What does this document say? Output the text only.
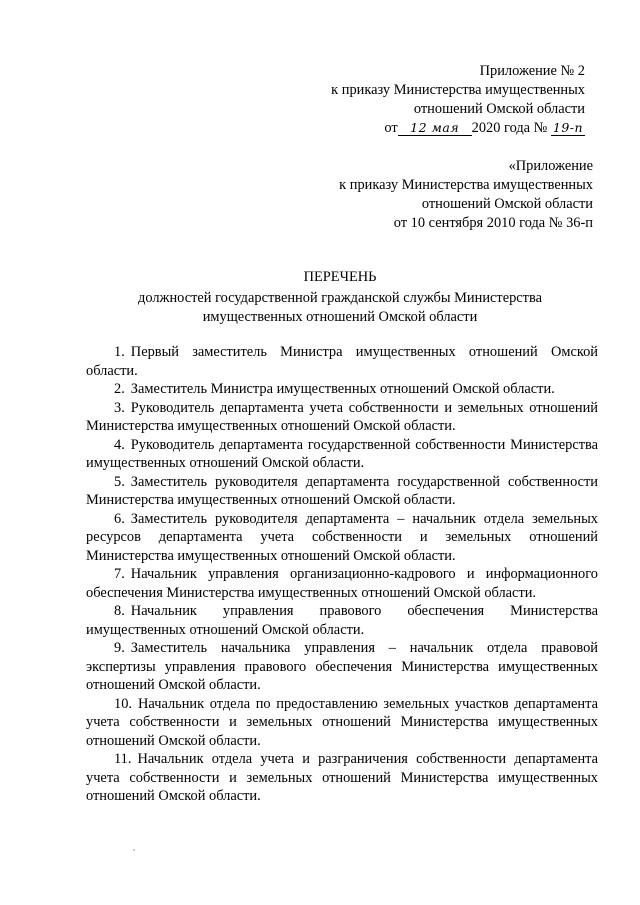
Приложение № 2
к приказу Министерства имущественных
отношений Омской области
от 12 мая 2020 года № 19-п
«Приложение
к приказу Министерства имущественных
отношений Омской области
от 10 сентября 2010 года № 36-п
ПЕРЕЧЕНЬ
должностей государственной гражданской службы Министерства
имущественных отношений Омской области
1. Первый заместитель Министра имущественных отношений Омской области.
2. Заместитель Министра имущественных отношений Омской области.
3. Руководитель департамента учета собственности и земельных отношений Министерства имущественных отношений Омской области.
4. Руководитель департамента государственной собственности Министерства имущественных отношений Омской области.
5. Заместитель руководителя департамента государственной собственности Министерства имущественных отношений Омской области.
6. Заместитель руководителя департамента – начальник отдела земельных ресурсов департамента учета собственности и земельных отношений Министерства имущественных отношений Омской области.
7. Начальник управления организационно-кадрового и информационного обеспечения Министерства имущественных отношений Омской области.
8. Начальник управления правового обеспечения Министерства имущественных отношений Омской области.
9. Заместитель начальника управления – начальник отдела правовой экспертизы управления правового обеспечения Министерства имущественных отношений Омской области.
10. Начальник отдела по предоставлению земельных участков департамента учета собственности и земельных отношений Министерства имущественных отношений Омской области.
11. Начальник отдела учета и разграничения собственности департамента учета собственности и земельных отношений Министерства имущественных отношений Омской области.
